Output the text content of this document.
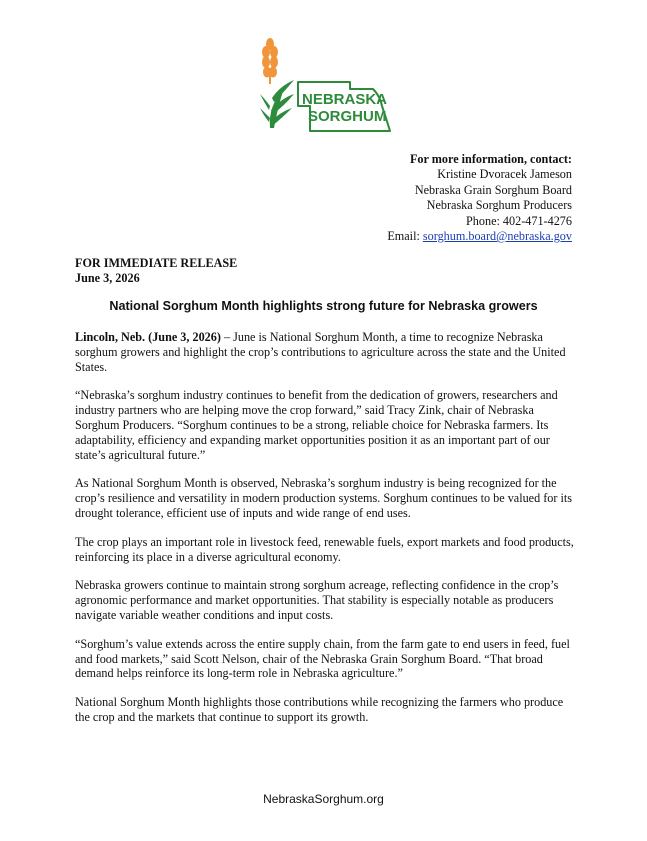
NEBRASKA
SORGHUM
For more information, contact:
Kristine Dvoracek Jameson
Nebraska Grain Sorghum Board
Nebraska Sorghum Producers
Phone: 402-471-4276
Email: sorghum.board@nebraska.gov
FOR IMMEDIATE RELEASE
June 3, 2026
National Sorghum Month highlights strong future for Nebraska growers

Lincoln, Neb. (June 3, 2026) – June is National Sorghum Month, a time to recognize Nebraska sorghum growers and highlight the crop’s contributions to agriculture across the state and the United States.

“Nebraska’s sorghum industry continues to benefit from the dedication of growers, researchers and industry partners who are helping move the crop forward,” said Tracy Zink, chair of Nebraska Sorghum Producers. “Sorghum continues to be a strong, reliable choice for Nebraska farmers. Its adaptability, efficiency and expanding market opportunities position it as an important part of our state’s agricultural future.”

As National Sorghum Month is observed, Nebraska’s sorghum industry is being recognized for the crop’s resilience and versatility in modern production systems. Sorghum continues to be valued for its drought tolerance, efficient use of inputs and wide range of end uses.

The crop plays an important role in livestock feed, renewable fuels, export markets and food products, reinforcing its place in a diverse agricultural economy.

Nebraska growers continue to maintain strong sorghum acreage, reflecting confidence in the crop’s agronomic performance and market opportunities. That stability is especially notable as producers navigate variable weather conditions and input costs.

“Sorghum’s value extends across the entire supply chain, from the farm gate to end users in feed, fuel and food markets,” said Scott Nelson, chair of the Nebraska Grain Sorghum Board. “That broad demand helps reinforce its long-term role in Nebraska agriculture.”

National Sorghum Month highlights those contributions while recognizing the farmers who produce the crop and the markets that continue to support its growth.

NebraskaSorghum.org
